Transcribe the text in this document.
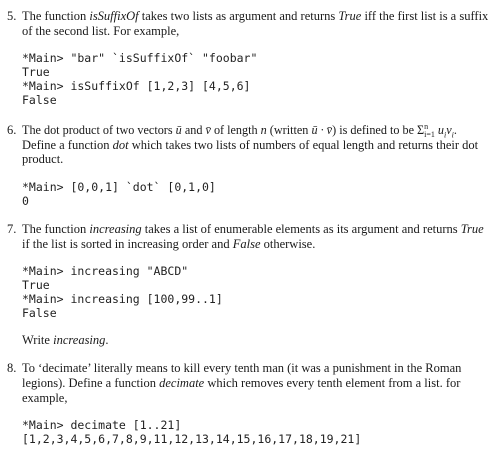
5. The function isSuffixOf takes two lists as argument and returns True iff the first list is a suffix
of the second list. For example,
*Main> "bar" `isSuffixOf` "foobar"
True
*Main> isSuffixOf [1,2,3] [4,5,6]
False
6. The dot product of two vectors ū and v̄ of length n (written ū · v̄) is defined to be $\Sigma^n_{i=1}$ $u_iv_i$.
Define a function dot which takes two lists of numbers of equal length and returns their dot
product.
*Main> [0,0,1] `dot` [0,1,0]
0
7. The function increasing takes a list of enumerable elements as its argument and returns True
if the list is sorted in increasing order and False otherwise.
*Main> increasing "ABCD"
True
*Main> increasing [100,99..1]
False
Write increasing.
8. To ‘decimate’ literally means to kill every tenth man (it was a punishment in the Roman
legions). Define a function decimate which removes every tenth element from a list. for
example,
*Main> decimate [1..21]
[1,2,3,4,5,6,7,8,9,11,12,13,14,15,16,17,18,19,21]
